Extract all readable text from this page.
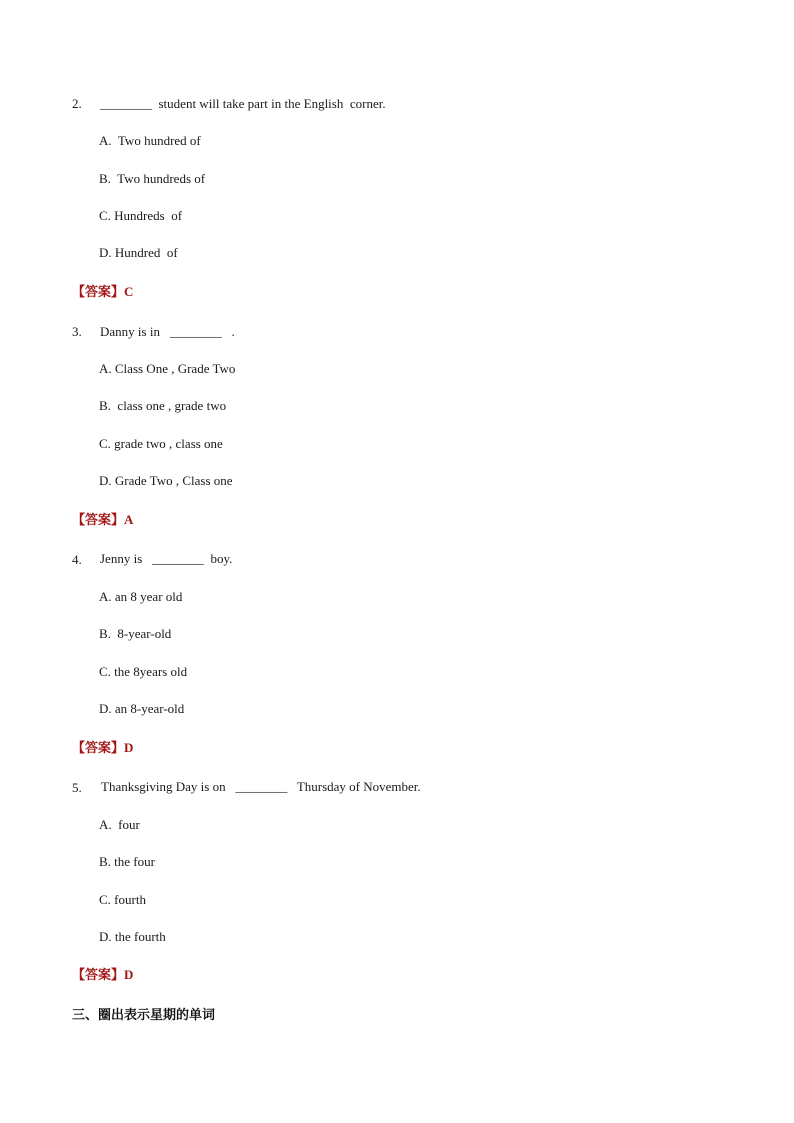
2. ________  student will take part in the English  corner.
A.  Two hundred of
B.  Two hundreds of
C. Hundreds  of
D. Hundred  of
【答案】C
3. Danny is in   ________   .
A. Class One , Grade Two
B.  class one , grade two
C. grade two , class one
D. Grade Two , Class one
【答案】A
4. Jenny is   ________  boy.
A. an 8 year old
B.  8-year-old
C. the 8years old
D. an 8-year-old
【答案】D
5. Thanksgiving Day is on   ________   Thursday of November.
A.  four
B. the four
C. fourth
D. the fourth
【答案】D
三、圈出表示星期的单词
